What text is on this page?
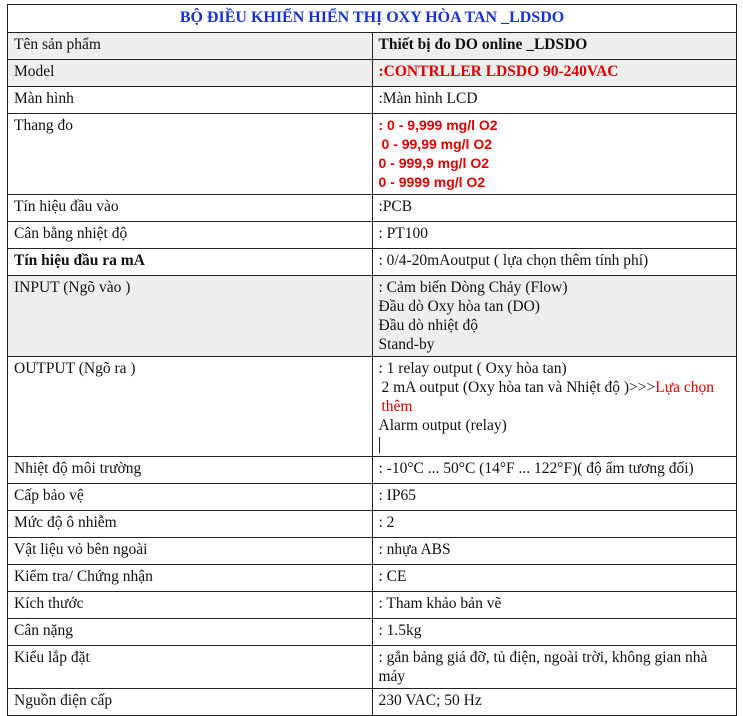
BỘ ĐIỀU KHIỂN HIỂN THỊ OXY HÒA TAN _LDSDO	
Tên sản phẩm	Thiết bị đo DO online _LDSDO
Model	:CONTRLLER LDSDO 90-240VAC
Màn hình	:Màn hình LCD
Thang đo	: 0 - 9,999 mg/l O2
0 - 99,99 mg/l O2
0 - 999,9 mg/l O2
0 - 9999 mg/l O2

Tín hiệu đầu vào	:PCB
Cân bằng nhiệt độ	: PT100
Tín hiệu đầu ra mA	: 0/4-20mAoutput ( lựa chọn thêm tính phí)
INPUT (Ngõ vào )	: Cảm biến Dòng Chảy (Flow)
Đầu dò Oxy hòa tan (DO)
Đầu dò nhiệt độ
Stand-by

OUTPUT (Ngõ ra )	: 1 relay output ( Oxy hòa tan)
2 mA output (Oxy hòa tan và Nhiệt độ )>>>Lựa chọn thêm
Alarm output (relay)

Nhiệt độ môi trường	: -10°C ... 50°C (14°F ... 122°F)( độ ẩm tương đối)
Cấp bảo vệ	: IP65
Mức độ ô nhiễm	: 2
Vật liệu vỏ bên ngoài	: nhựa ABS
Kiểm tra/ Chứng nhận	: CE
Kích thước	: Tham khảo bản vẽ
Cân nặng	: 1.5kg
Kiểu lắp đặt	: gắn bảng giá đỡ, tủ điện, ngoài trời, không gian nhà máy
Nguồn điện cấp	230 VAC; 50 Hz
